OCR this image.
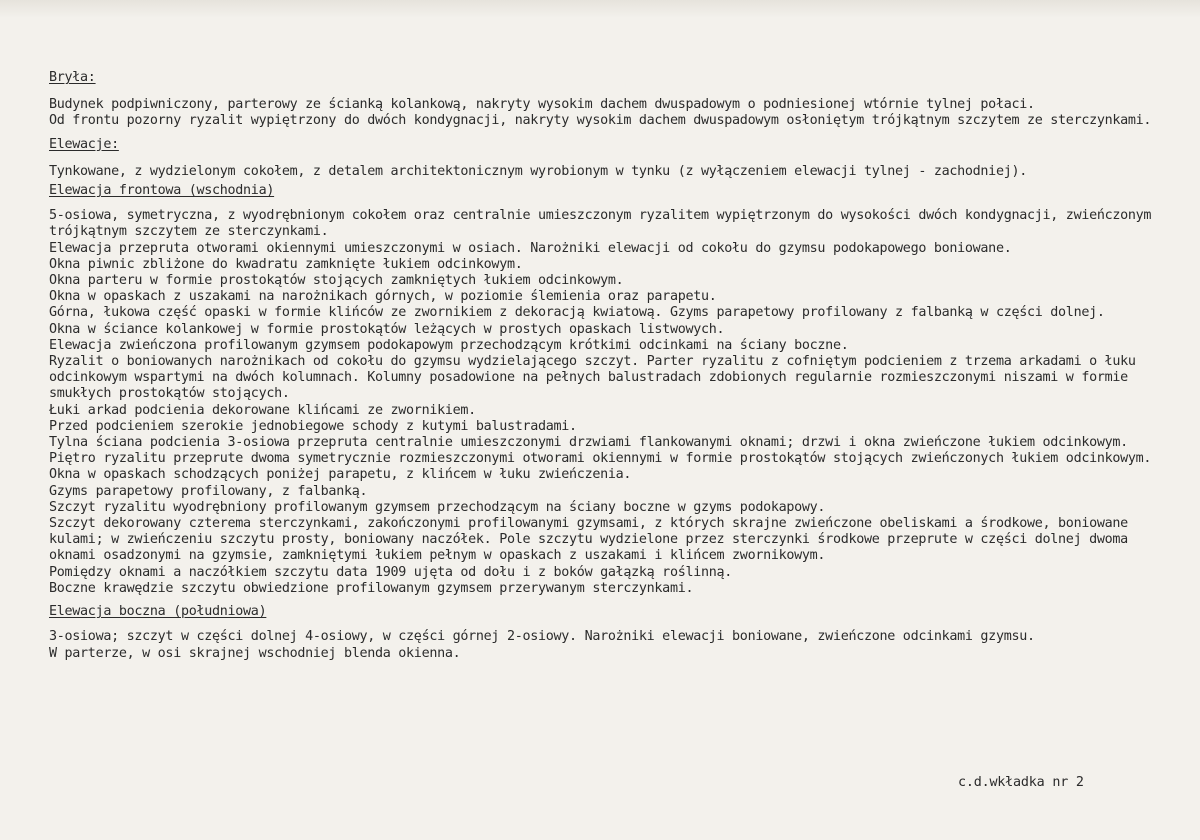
Bryła:

Budynek podpiwniczony, parterowy ze ścianką kolankową, nakryty wysokim dachem dwuspadowym o podniesionej wtórnie tylnej połaci.

Od frontu pozorny ryzalit wypiętrzony do dwóch kondygnacji, nakryty wysokim dachem dwuspadowym osłoniętym trójkątnym szczytem ze sterczynkami.

Elewacje:

Tynkowane, z wydzielonym cokołem, z detalem architektonicznym wyrobionym w tynku (z wyłączeniem elewacji tylnej - zachodniej).

Elewacja frontowa (wschodnia)

5-osiowa, symetryczna, z wyodrębnionym cokołem oraz centralnie umieszczonym ryzalitem wypiętrzonym do wysokości dwóch kondygnacji, zwieńczonym trójkątnym szczytem ze sterczynkami.

Elewacja przepruta otworami okiennymi umieszczonymi w osiach. Narożniki elewacji od cokołu do gzymsu podokapowego boniowane.

Okna piwnic zbliżone do kwadratu zamknięte łukiem odcinkowym.

Okna parteru w formie prostokątów stojących zamkniętych łukiem odcinkowym.

Okna w opaskach z uszakami na narożnikach górnych, w poziomie ślemienia oraz parapetu.

Górna, łukowa część opaski w formie klińców ze zwornikiem z dekoracją kwiatową. Gzyms parapetowy profilowany z falbanką w części dolnej.

Okna w ściance kolankowej w formie prostokątów leżących w prostych opaskach listwowych.

Elewacja zwieńczona profilowanym gzymsem podokapowym przechodzącym krótkimi odcinkami na ściany boczne.

Ryzalit o boniowanych narożnikach od cokołu do gzymsu wydzielającego szczyt. Parter ryzalitu z cofniętym podcieniem z trzema arkadami o łuku odcinkowym wspartymi na dwóch kolumnach. Kolumny posadowione na pełnych balustradach zdobionych regularnie rozmieszczonymi niszami w formie smukłych prostokątów stojących.

Łuki arkad podcienia dekorowane klińcami ze zwornikiem.

Przed podcieniem szerokie jednobiegowe schody z kutymi balustradami.

Tylna ściana podcienia 3-osiowa przepruta centralnie umieszczonymi drzwiami flankowanymi oknami; drzwi i okna zwieńczone łukiem odcinkowym.

Piętro ryzalitu przeprute dwoma symetrycznie rozmieszczonymi otworami okiennymi w formie prostokątów stojących zwieńczonych łukiem odcinkowym. Okna w opaskach schodzących poniżej parapetu, z klińcem w łuku zwieńczenia.

Gzyms parapetowy profilowany, z falbanką.

Szczyt ryzalitu wyodrębniony profilowanym gzymsem przechodzącym na ściany boczne w gzyms podokapowy.

Szczyt dekorowany czterema sterczynkami, zakończonymi profilowanymi gzymsami, z których skrajne zwieńczone obeliskami a środkowe, boniowane kulami; w zwieńczeniu szczytu prosty, boniowany naczółek. Pole szczytu wydzielone przez sterczynki środkowe przeprute w części dolnej dwoma oknami osadzonymi na gzymsie, zamkniętymi łukiem pełnym w opaskach z uszakami i klińcem zwornikowym.

Pomiędzy oknami a naczółkiem szczytu data 1909 ujęta od dołu i z boków gałązką roślinną.

Boczne krawędzie szczytu obwiedzione profilowanym gzymsem przerywanym sterczynkami.

Elewacja boczna (południowa)

3-osiowa; szczyt w części dolnej 4-osiowy, w części górnej 2-osiowy. Narożniki elewacji boniowane, zwieńczone odcinkami gzymsu.

W parterze, w osi skrajnej wschodniej blenda okienna.

c.d.wkładka nr 2
